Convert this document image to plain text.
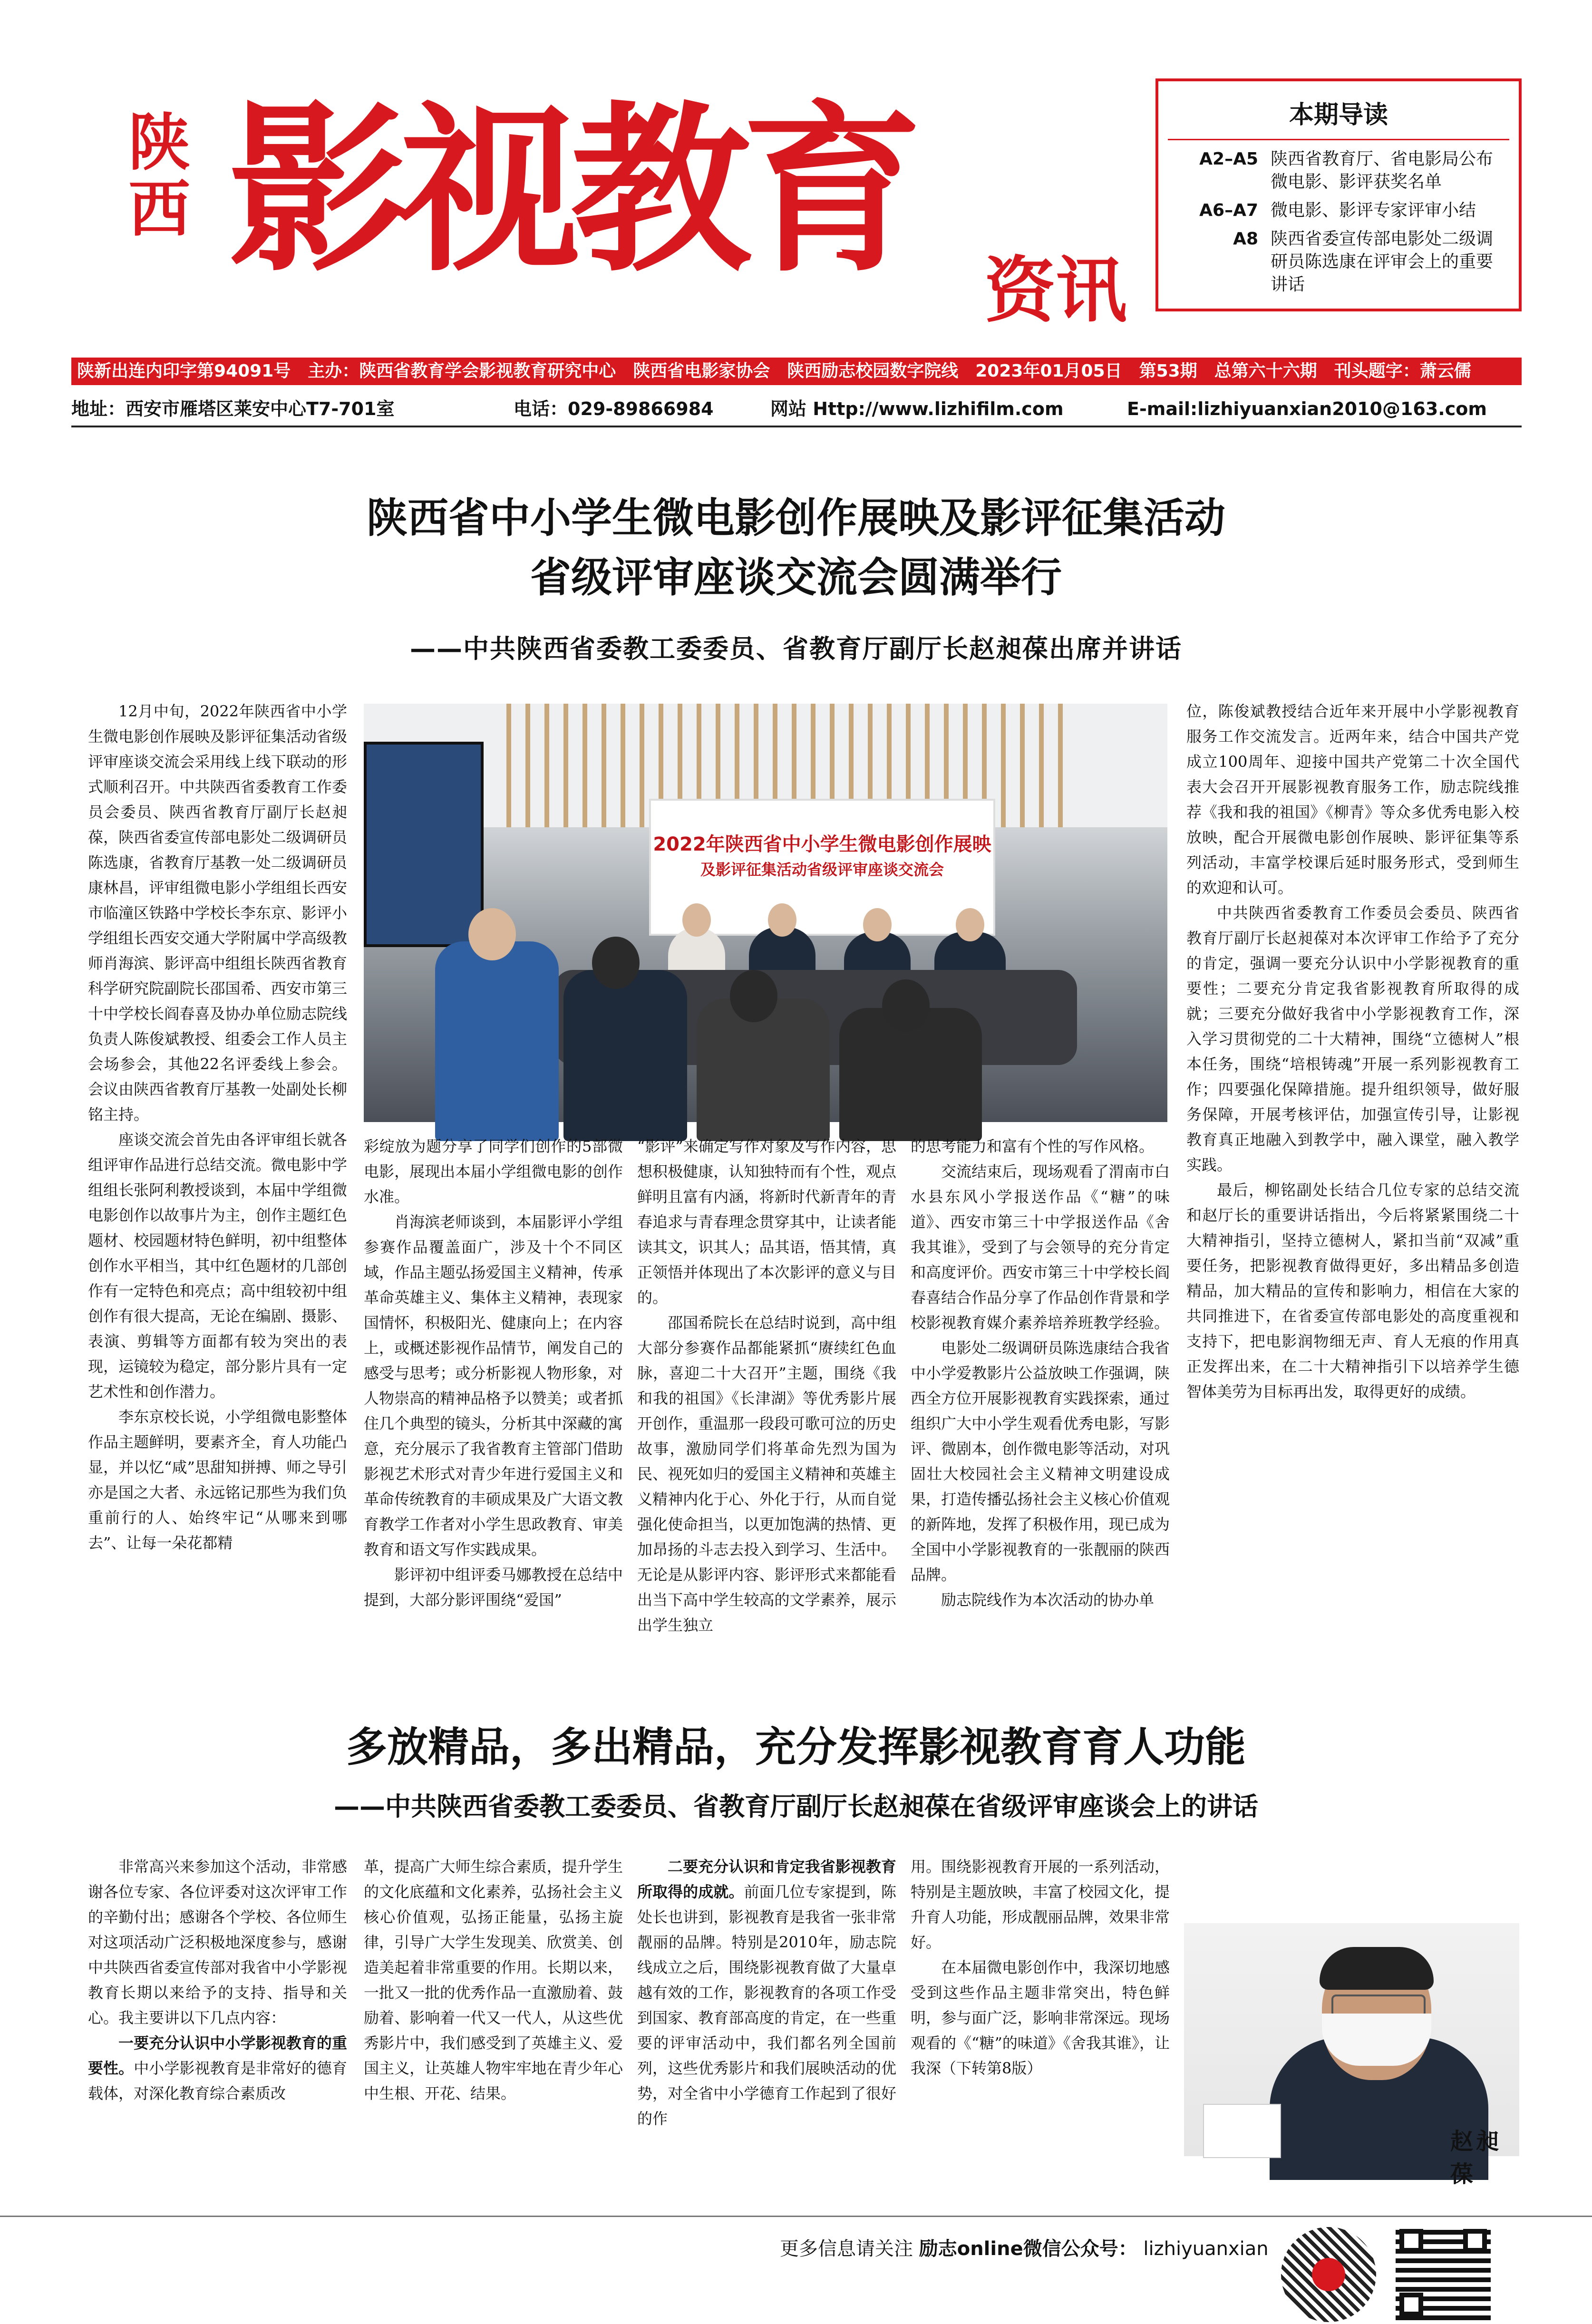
陕西 影视教育 资讯
本期导读
A2–A5 陕西省教育厅、省电影局公布微电影、影评获奖名单
A6–A7 微电影、影评专家评审小结
A8 陕西省委宣传部电影处二级调研员陈选康在评审会上的重要讲话
陕新出连内印字第94091号　主办：陕西省教育学会影视教育研究中心　陕西省电影家协会　陕西励志校园数字院线　2023年01月05日　第53期　总第六十六期　刊头题字：萧云儒
地址：西安市雁塔区莱安中心T7-701室	电话：029-89866984	网站 Http://www.lizhifilm.com	E-mail:lizhiyuanxian2010@163.com
陕西省中小学生微电影创作展映及影评征集活动
省级评审座谈交流会圆满举行
——中共陕西省委教工委委员、省教育厅副厅长赵昶葆出席并讲话

12月中旬，2022年陕西省中小学生微电影创作展映及影评征集活动省级评审座谈交流会采用线上线下联动的形式顺利召开。中共陕西省委教育工作委员会委员、陕西省教育厅副厅长赵昶葆，陕西省委宣传部电影处二级调研员陈选康，省教育厅基教一处二级调研员康林昌，评审组微电影小学组组长西安市临潼区铁路中学校长李东京、影评小学组组长西安交通大学附属中学高级教师肖海滨、影评高中组组长陕西省教育科学研究院副院长邵国希、西安市第三十中学校长阎春喜及协办单位励志院线负责人陈俊斌教授、组委会工作人员主会场参会，其他22名评委线上参会。会议由陕西省教育厅基教一处副处长柳铭主持。

座谈交流会首先由各评审组长就各组评审作品进行总结交流。微电影中学组组长张阿利教授谈到，本届中学组微电影创作以故事片为主，创作主题红色题材、校园题材特色鲜明，初中组整体创作水平相当，其中红色题材的几部创作有一定特色和亮点；高中组较初中组创作有很大提高，无论在编剧、摄影、表演、剪辑等方面都有较为突出的表现，运镜较为稳定，部分影片具有一定艺术性和创作潜力。

李东京校长说，小学组微电影整体作品主题鲜明，要素齐全，育人功能凸显，并以忆“咸”思甜知拼搏、师之导引亦是国之大者、永远铭记那些为我们负重前行的人、始终牢记“从哪来到哪去”、让每一朵花都精

2022年陕西省中小学生微电影创作展映
及影评征集活动省级评审座谈交流会

彩绽放为题分享了同学们创作的5部微电影，展现出本届小学组微电影的创作水准。

肖海滨老师谈到，本届影评小学组参赛作品覆盖面广，涉及十个不同区域，作品主题弘扬爱国主义精神，传承革命英雄主义、集体主义精神，表现家国情怀，积极阳光、健康向上；在内容上，或概述影视作品情节，阐发自己的感受与思考；或分析影视人物形象，对人物崇高的精神品格予以赞美；或者抓住几个典型的镜头，分析其中深藏的寓意，充分展示了我省教育主管部门借助影视艺术形式对青少年进行爱国主义和革命传统教育的丰硕成果及广大语文教育教学工作者对小学生思政教育、审美教育和语文写作实践成果。

影评初中组评委马娜教授在总结中提到，大部分影评围绕“爱国”

“影评”来确定写作对象及写作内容，思想积极健康，认知独特而有个性，观点鲜明且富有内涵，将新时代新青年的青春追求与青春理念贯穿其中，让读者能读其文，识其人；品其语，悟其情，真正领悟并体现出了本次影评的意义与目的。

邵国希院长在总结时说到，高中组大部分参赛作品都能紧抓“赓续红色血脉，喜迎二十大召开”主题，围绕《我和我的祖国》《长津湖》等优秀影片展开创作，重温那一段段可歌可泣的历史故事，激励同学们将革命先烈为国为民、视死如归的爱国主义精神和英雄主义精神内化于心、外化于行，从而自觉强化使命担当，以更加饱满的热情、更加昂扬的斗志去投入到学习、生活中。无论是从影评内容、影评形式来都能看出当下高中学生较高的文学素养，展示出学生独立

的思考能力和富有个性的写作风格。

交流结束后，现场观看了渭南市白水县东风小学报送作品《“糖”的味道》、西安市第三十中学报送作品《舍我其谁》，受到了与会领导的充分肯定和高度评价。西安市第三十中学校长阎春喜结合作品分享了作品创作背景和学校影视教育媒介素养培养班教学经验。

电影处二级调研员陈选康结合我省中小学爱教影片公益放映工作强调，陕西全方位开展影视教育实践探索，通过组织广大中小学生观看优秀电影，写影评、微剧本，创作微电影等活动，对巩固壮大校园社会主义精神文明建设成果，打造传播弘扬社会主义核心价值观的新阵地，发挥了积极作用，现已成为全国中小学影视教育的一张靓丽的陕西品牌。

励志院线作为本次活动的协办单

位，陈俊斌教授结合近年来开展中小学影视教育服务工作交流发言。近两年来，结合中国共产党成立100周年、迎接中国共产党第二十次全国代表大会召开开展影视教育服务工作，励志院线推荐《我和我的祖国》《柳青》等众多优秀电影入校放映，配合开展微电影创作展映、影评征集等系列活动，丰富学校课后延时服务形式，受到师生的欢迎和认可。

中共陕西省委教育工作委员会委员、陕西省教育厅副厅长赵昶葆对本次评审工作给予了充分的肯定，强调一要充分认识中小学影视教育的重要性；二要充分肯定我省影视教育所取得的成就；三要充分做好我省中小学影视教育工作，深入学习贯彻党的二十大精神，围绕“立德树人”根本任务，围绕“培根铸魂”开展一系列影视教育工作；四要强化保障措施。提升组织领导，做好服务保障，开展考核评估，加强宣传引导，让影视教育真正地融入到教学中，融入课堂，融入教学实践。

最后，柳铭副处长结合几位专家的总结交流和赵厅长的重要讲话指出，今后将紧紧围绕二十大精神指引，坚持立德树人，紧扣当前“双减”重要任务，把影视教育做得更好，多出精品多创造精品，加大精品的宣传和影响力，相信在大家的共同推进下，在省委宣传部电影处的高度重视和支持下，把电影润物细无声、育人无痕的作用真正发挥出来，在二十大精神指引下以培养学生德智体美劳为目标再出发，取得更好的成绩。

多放精品，多出精品，充分发挥影视教育育人功能
——中共陕西省委教工委委员、省教育厅副厅长赵昶葆在省级评审座谈会上的讲话

非常高兴来参加这个活动，非常感谢各位专家、各位评委对这次评审工作的辛勤付出；感谢各个学校、各位师生对这项活动广泛积极地深度参与，感谢中共陕西省委宣传部对我省中小学影视教育长期以来给予的支持、指导和关心。我主要讲以下几点内容：

一要充分认识中小学影视教育的重要性。中小学影视教育是非常好的德育载体，对深化教育综合素质改

革，提高广大师生综合素质，提升学生的文化底蕴和文化素养，弘扬社会主义核心价值观，弘扬正能量，弘扬主旋律，引导广大学生发现美、欣赏美、创造美起着非常重要的作用。长期以来，一批又一批的优秀作品一直激励着、鼓励着、影响着一代又一代人，从这些优秀影片中，我们感受到了英雄主义、爱国主义，让英雄人物牢牢地在青少年心中生根、开花、结果。

二要充分认识和肯定我省影视教育所取得的成就。前面几位专家提到，陈处长也讲到，影视教育是我省一张非常靓丽的品牌。特别是2010年，励志院线成立之后，围绕影视教育做了大量卓越有效的工作，影视教育的各项工作受到国家、教育部高度的肯定，在一些重要的评审活动中，我们都名列全国前列，这些优秀影片和我们展映活动的优势，对全省中小学德育工作起到了很好的作

用。围绕影视教育开展的一系列活动，特别是主题放映，丰富了校园文化，提升育人功能，形成靓丽品牌，效果非常好。

在本届微电影创作中，我深切地感受到这些作品主题非常突出，特色鲜明，参与面广泛，影响非常深远。现场观看的《“糖”的味道》《舍我其谁》，让我深（下转第8版）

赵昶葆
更多信息请关注 励志online微信公众号： lizhiyuanxian
